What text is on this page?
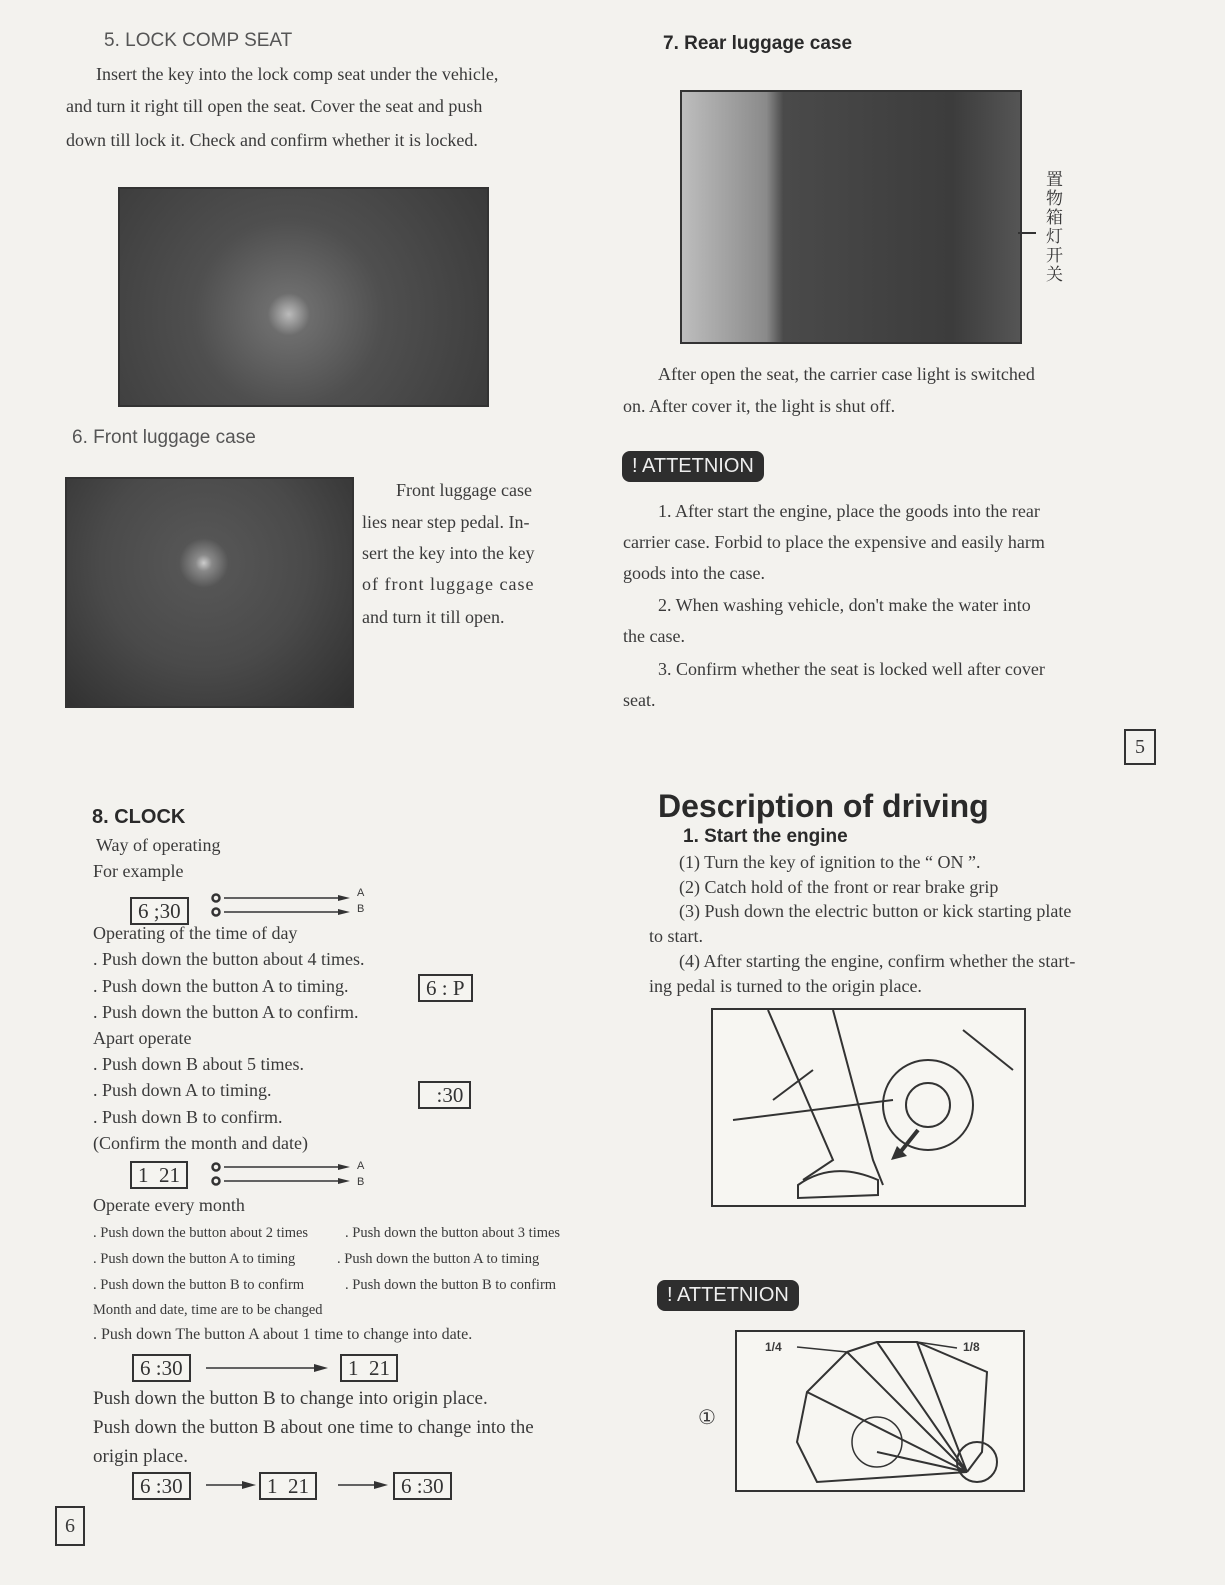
5. LOCK COMP SEAT
Insert the key into the lock comp seat under the vehicle,
and turn it right till open the seat. Cover the seat and push
down till lock it. Check and confirm whether it is locked.
6. Front luggage case
Front luggage case
lies near step pedal. In-
sert the key into the key
of front luggage case
and turn it till open.
8. CLOCK
Way of operating
For example
6 ;30
A
B
Operating of the time of day
. Push down the button about 4 times.
. Push down the button A to timing.	6 : P
. Push down the button A to confirm.
Apart operate
. Push down B about 5 times.
. Push down A to timing.	:30
. Push down B to confirm.
(Confirm the month and date)
1  21	A
B
Operate every month
. Push down the button about 2 times
. Push down the button A to timing
. Push down the button B to confirm
. Push down the button about 3 times
. Push down the button A to timing
. Push down the button B to confirm
Month and date, time are to be changed
. Push down The button A about 1 time to change into date.
6 :30	1  21
Push down the button B to change into origin place.
Push down the button B about one time to change into the
origin place.
6 :30	1  21	6 :30
6
7. Rear luggage case
置物箱灯开关
After open the seat, the carrier case light is switched
on. After cover it, the light is shut off.
! ATTETNION
1. After start the engine, place the goods into the rear
carrier case. Forbid to place the expensive and easily harm
goods into the case.
2. When washing vehicle, don't make the water into
the case.
3. Confirm whether the seat is locked well after cover
seat.
5
Description of driving
1. Start the engine
(1) Turn the key of ignition to the “ ON ”.
(2) Catch hold of the front or rear brake grip
(3) Push down the electric button or kick starting plate
to start.
(4) After starting the engine, confirm whether the start-
ing pedal is turned to the origin place.
! ATTETNION
①
1/4	1/8
